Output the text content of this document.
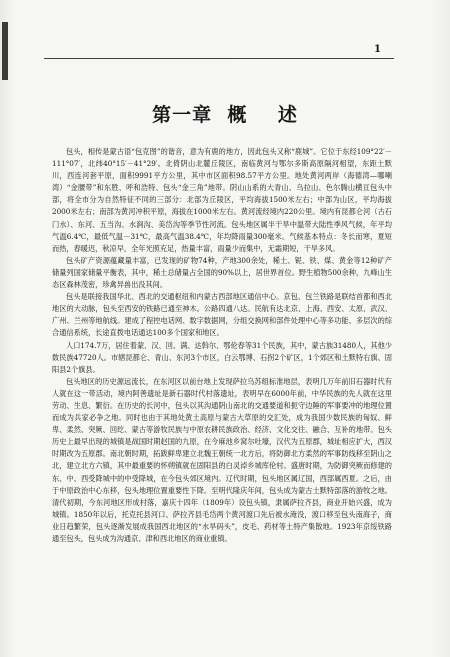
1
第一章  概    述

包头，相传是蒙古语“包克图”的谐音，意为有鹿的地方，因此包头又称“鹿城”。它位于东经109°22′－111°07′，北纬40°15′－41°29′。北倚阴山北麓丘陵区，南临黄河与鄂尔多斯高原隔河相望，东距土默川，西连河套平原，面积9991平方公里，其中市区面积98.57平方公里。地处黄河两岸（海德湾—哪喇湾）“金腰带”和东胜、呼和浩特、包头“金三角”地带。阴山山系的大青山、乌拉山、色尔腾山横亘包头中部，将全市分为自然特征不同的三部分：北部为丘陵区，平均海拔1500米左右；中部为山区，平均海拔2000米左右；南部为黄河冲积平原，海拔在1000米左右。黄河流经境内220公里。境内有昆都仑河（古石门水）、东河、五当沟、水涧沟、美岱沟等季节性河流。包头地区属半干旱中温带大陆性季风气候，年平均气温6.4℃，最低气温－31℃，最高气温38.4℃，年均降雨量300毫米。气候基本特点：冬长而寒，夏短而热，春暖迟，秋凉早，全年光照充足，热量丰富，雨量少而集中，无霜期短，干旱多风。

包头矿产资源蕴藏量丰富，已发现的矿物74种，产地300余处，稀土、铌、铁、煤、黄金等12种矿产储量列国家储量平衡表，其中，稀土总储量占全国的90%以上，居世界首位。野生植物500余种，九峰山生态区森林茂密，珍禽异兽出没其间。

包头是联接我国华北、西北的交通枢纽和内蒙古西部地区通信中心。京包、包兰铁路是联结首都和西北地区的大动脉，包头至西安的铁路已通至神木。公路四通八达。民航有达北京、上海、西安、太原、武汉、广州、兰州等地航线。建成了程控电话网、数字数据网，分组交换网和部件处理中心等多功能、多层次的综合通信系统，长途直拨电话通达100多个国家和地区。

人口174.7万，居住着蒙、汉、回、满、达斡尔、鄂伦春等31个民族，其中，蒙古族31480人，其他少数民族47720人。市辖昆都仑、青山、东河3个市区，白云鄂博、石拐2个矿区，1个郊区和土默特右旗、固阳县2个旗县。

包头地区的历史源远流长，在东河区以前台地上发现萨拉乌苏组标准地层，表明几万年前旧石器时代有人就在这一带活动，境内阿善遗址是新石器时代村落遗址，表明早在6000年前，中华民族的先人就在这里劳动、生息、繁衍。在历史的长河中，包头以其沟通阴山南北的交通要道和扼守边陲的军事要冲的地理位置而成为兵家必争之地。同时也由于其地处黄土高原与蒙古大草原的交汇处，成为我国少数民族的匈奴、鲜卑、柔然、突厥、回纥、蒙古等游牧民族与中原农耕民族政治、经济、文化交往、融合、互补的地带。包头历史上最早出现的城镇是战国时期赵国的九原，在今麻池乡窝尔吐壕，汉代为五原郡，城址相应扩大，西汉时期改为五原郡。南北朝时期，拓跋鲜卑建立北魏王朝统一北方后，将防御北方柔然的军事防线移至阴山之北，建立北方六镇，其中最重要的怀朔镇就在固阳县的白灵淖乡城库伦村。盛唐时期，为防御突厥而修建的东、中、西受降城中的中受降城，在今包头郊区境内。辽代时期，包头地区属辽国，西部属西夏。之后，由于中原政治中心东移，包头地理位置重要性下降。至明代隆庆年间，包头成为蒙古土默特部落的游牧之地。清代初期，今东河地区形成村落，嘉庆十四年（1809年）设包头镇，隶属萨拉齐县，商业开始兴盛，成为城镇。1850年以后，托克托县河口、萨拉齐县毛岱两个黄河渡口先后被水淹没，渡口移至包头南海子，商业日趋繁荣，包头逐渐发展成我国西北地区的“水旱码头”，皮毛、药材等土特产集散地。1923年京绥铁路通至包头，包头成为沟通京、津和西北地区的商业重镇。
